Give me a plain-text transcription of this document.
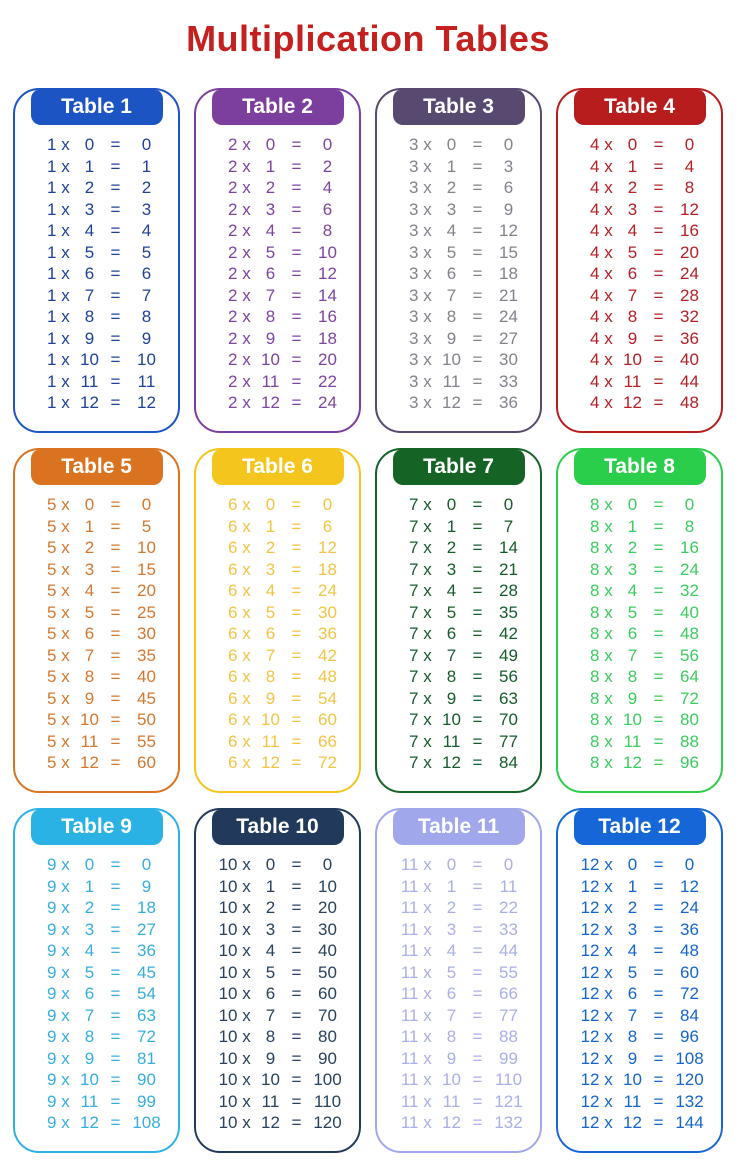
Multiplication Tables
Table 1
1 x 0 =	0
1 x 1 =	1
1 x 2 =	2
1 x 3 =	3
1 x 4 =	4
1 x 5 =	5
1 x 6 =	6
1 x 7 =	7
1 x 8 =	8
1 x 9 =	9
1 x 10 = 10
1 x 11 =	11
1 x 12 = 12
Table 2
2 x 0 =	0
2 x 1 =	2
2 x 2 =	4
2 x 3 =	6
2 x 4 =	8
2 x 5 = 10
2 x 6 = 12
2 x 7 = 14
2 x 8 = 16
2 x 9 = 18
2 x 10 = 20
2 x 11 = 22
2 x 12 = 24
Table 3
3 x 0 =	0
3 x 1 =	3
3 x 2 =	6
3 x 3 =	9
3 x 4 = 12
3 x 5 = 15
3 x 6 = 18
3 x 7 = 21
3 x 8 = 24
3 x 9 = 27
3 x 10 = 30
3 x 11 = 33
3 x 12 = 36
Table 4
4 x 0 =	0
4 x 1 =	4
4 x 2 =	8
4 x 3 = 12
4 x 4 = 16
4 x 5 = 20
4 x 6 = 24
4 x 7 = 28
4 x 8 = 32
4 x 9 = 36
4 x 10 = 40
4 x 11 = 44
4 x 12 = 48
Table 5
5 x 0 =	0
5 x 1 =	5
5 x 2 = 10
5 x 3 = 15
5 x 4 = 20
5 x 5 = 25
5 x 6 = 30
5 x 7 = 35
5 x 8 = 40
5 x 9 = 45
5 x 10 = 50
5 x 11 = 55
5 x 12 = 60
Table 6
6 x 0 =	0
6 x 1 =	6
6 x 2 = 12
6 x 3 = 18
6 x 4 = 24
6 x 5 = 30
6 x 6 = 36
6 x 7 = 42
6 x 8 = 48
6 x 9 = 54
6 x 10 = 60
6 x 11 = 66
6 x 12 = 72
Table 7
7 x 0 =	0
7 x 1 =	7
7 x 2 = 14
7 x 3 = 21
7 x 4 = 28
7 x 5 = 35
7 x 6 = 42
7 x 7 = 49
7 x 8 = 56
7 x 9 = 63
7 x 10 = 70
7 x 11 = 77
7 x 12 = 84
Table 8
8 x 0 =	0
8 x 1 =	8
8 x 2 = 16
8 x 3 = 24
8 x 4 = 32
8 x 5 = 40
8 x 6 = 48
8 x 7 = 56
8 x 8 = 64
8 x 9 = 72
8 x 10 = 80
8 x 11 = 88
8 x 12 = 96
Table 9
9 x 0 =	0
9 x 1 =	9
9 x 2 = 18
9 x 3 = 27
9 x 4 = 36
9 x 5 = 45
9 x 6 = 54
9 x 7 = 63
9 x 8 = 72
9 x 9 = 81
9 x 10 = 90
9 x 11 = 99
9 x 12 = 108
Table 10
10 x 0 =	0
10 x 1 = 10
10 x 2 = 20
10 x 3 = 30
10 x 4 = 40
10 x 5 = 50
10 x 6 = 60
10 x 7 = 70
10 x 8 = 80
10 x 9 = 90
10 x 10 = 100
10 x 11 = 110
10 x 12 = 120
Table 11
11 x 0 =	0
11 x 1 =	11
11 x 2 = 22
11 x 3 = 33
11 x 4 = 44
11 x 5 = 55
11 x 6 = 66
11 x 7 = 77
11 x 8 = 88
11 x 9 = 99
11 x 10 = 110
11 x 11 = 121
11 x 12 = 132
Table 12
12 x 0 =	0
12 x 1 = 12
12 x 2 = 24
12 x 3 = 36
12 x 4 = 48
12 x 5 = 60
12 x 6 = 72
12 x 7 = 84
12 x 8 = 96
12 x 9 = 108
12 x 10 = 120
12 x 11 = 132
12 x 12 = 144
